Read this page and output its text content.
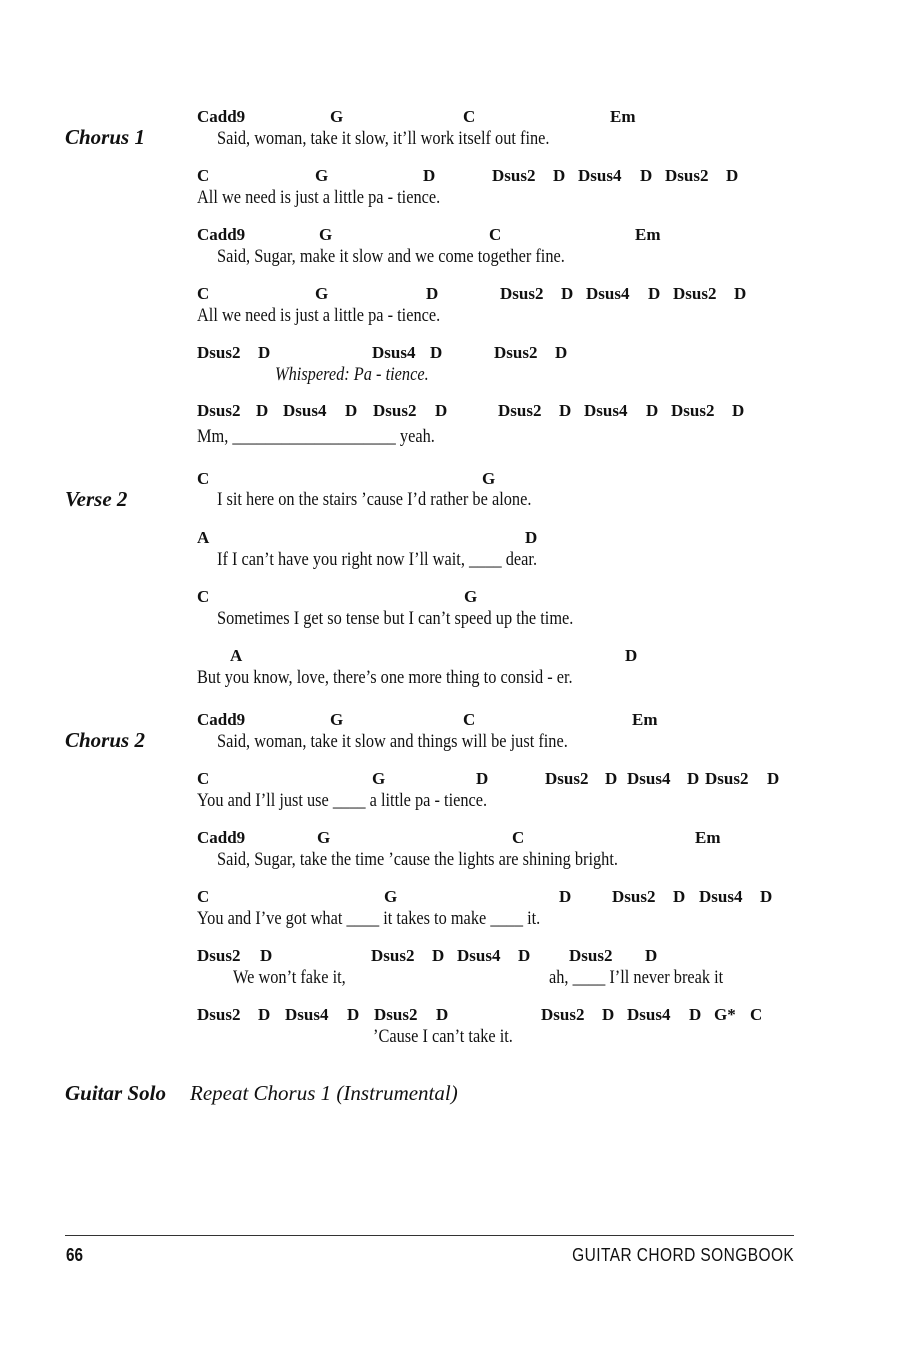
Chorus 1
Verse 2
Chorus 2
Cadd9	G	C	Em
Said, woman, take it slow, it’ll work itself out fine.
C	G	D	Dsus2 D Dsus4 D Dsus2 D
All we need is just a little pa - tience.
Cadd9	G	C	Em
Said, Sugar, make it slow and we come together fine.
C	G	D	Dsus2 D Dsus4 D Dsus2 D
All we need is just a little pa - tience.
Dsus2 D	Dsus4 D	Dsus2 D
Whispered: Pa - tience.
Dsus2 D Dsus4 D Dsus2 D	Dsus2 D Dsus4 D Dsus2 D
Mm, ____________________ yeah.
C	G
I sit here on the stairs ’cause I’d rather be alone.
A	D
If I can’t have you right now I’ll wait, ____ dear.
C	G
Sometimes I get so tense but I can’t speed up the time.
A	D
But you know, love, there’s one more thing to consid - er.
Cadd9	G	C	Em
Said, woman, take it slow and things will be just fine.
C	G	D	Dsus2 D Dsus4 D Dsus2 D
You and I’ll just use ____ a little pa - tience.
Cadd9	G	C	Em
Said, Sugar, take the time ’cause the lights are shining bright.
C	G	D Dsus2 D Dsus4 D
You and I’ve got what ____ it takes to make ____ it.
Dsus2 D	Dsus2 D Dsus4 D Dsus2 D
We won’t fake it,	ah, ____ I’ll never break it
Dsus2 D Dsus4 D Dsus2 D	Dsus2 D Dsus4 D G* C
’Cause I can’t take it.
Guitar Solo Repeat Chorus 1 (Instrumental)
66	GUITAR CHORD SONGBOOK
